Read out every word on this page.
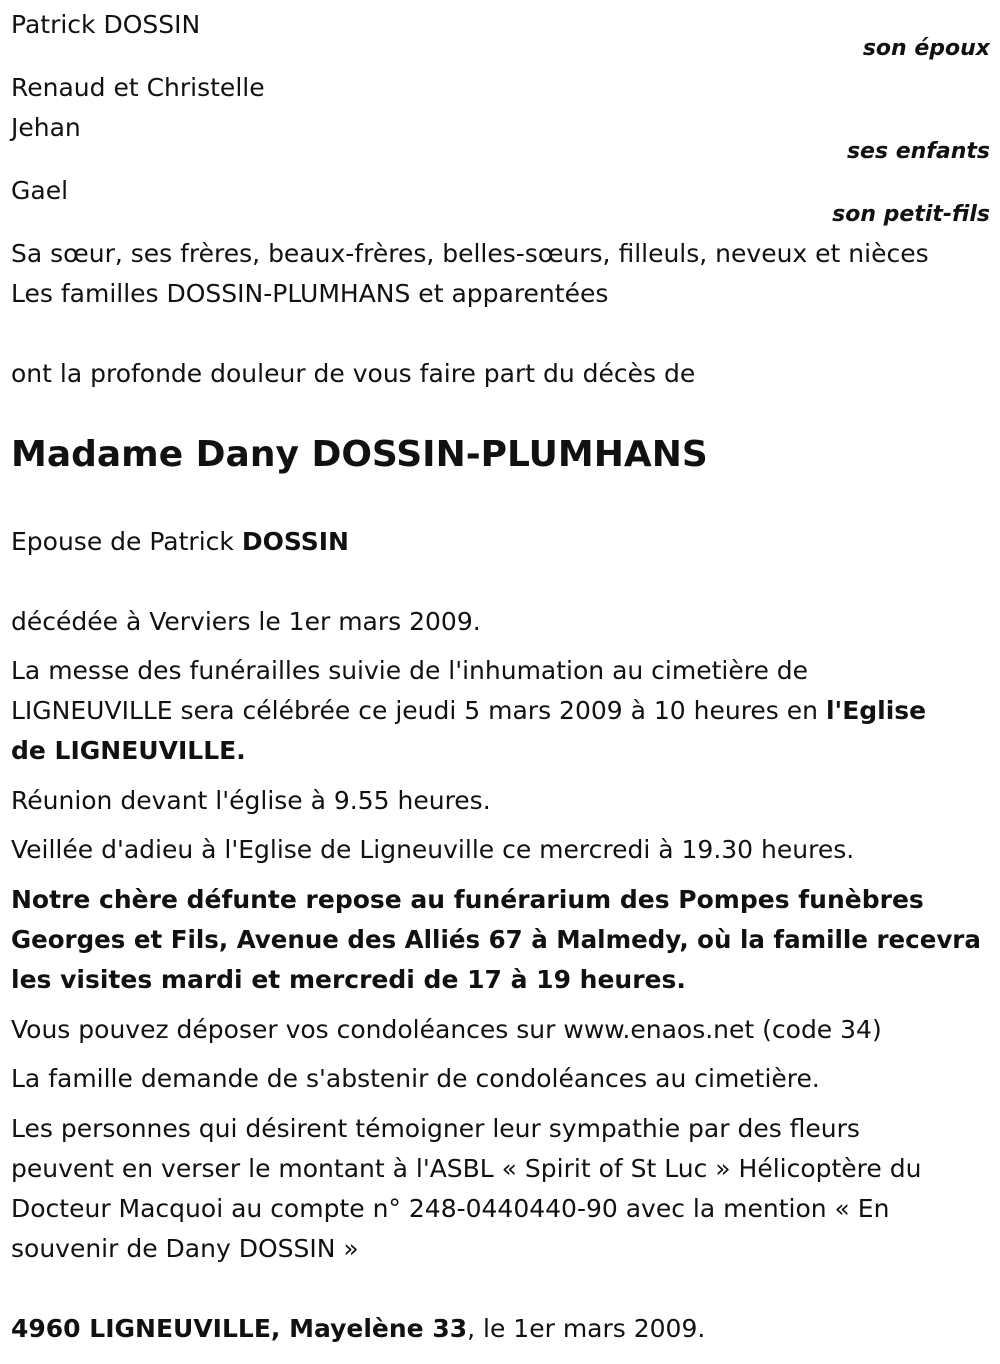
Patrick DOSSIN
son époux
Renaud et Christelle
Jehan
ses enfants
Gael
son petit-fils
Sa sœur, ses frères, beaux-frères, belles-sœurs, filleuls, neveux et nièces
Les familles DOSSIN-PLUMHANS et apparentées
ont la profonde douleur de vous faire part du décès de
Madame Dany DOSSIN-PLUMHANS
Epouse de Patrick DOSSIN
décédée à Verviers le 1er mars 2009.
La messe des funérailles suivie de l'inhumation au cimetière de
LIGNEUVILLE sera célébrée ce jeudi 5 mars 2009 à 10 heures en l'Eglise
de LIGNEUVILLE.
Réunion devant l'église à 9.55 heures.
Veillée d'adieu à l'Eglise de Ligneuville ce mercredi à 19.30 heures.
Notre chère défunte repose au funérarium des Pompes funèbres
Georges et Fils, Avenue des Alliés 67 à Malmedy, où la famille recevra
les visites mardi et mercredi de 17 à 19 heures.
Vous pouvez déposer vos condoléances sur www.enaos.net (code 34)
La famille demande de s'abstenir de condoléances au cimetière.
Les personnes qui désirent témoigner leur sympathie par des fleurs
peuvent en verser le montant à l'ASBL « Spirit of St Luc » Hélicoptère du
Docteur Macquoi au compte n° 248-0440440-90 avec la mention « En
souvenir de Dany DOSSIN »
4960 LIGNEUVILLE, Mayelène 33, le 1er mars 2009.
